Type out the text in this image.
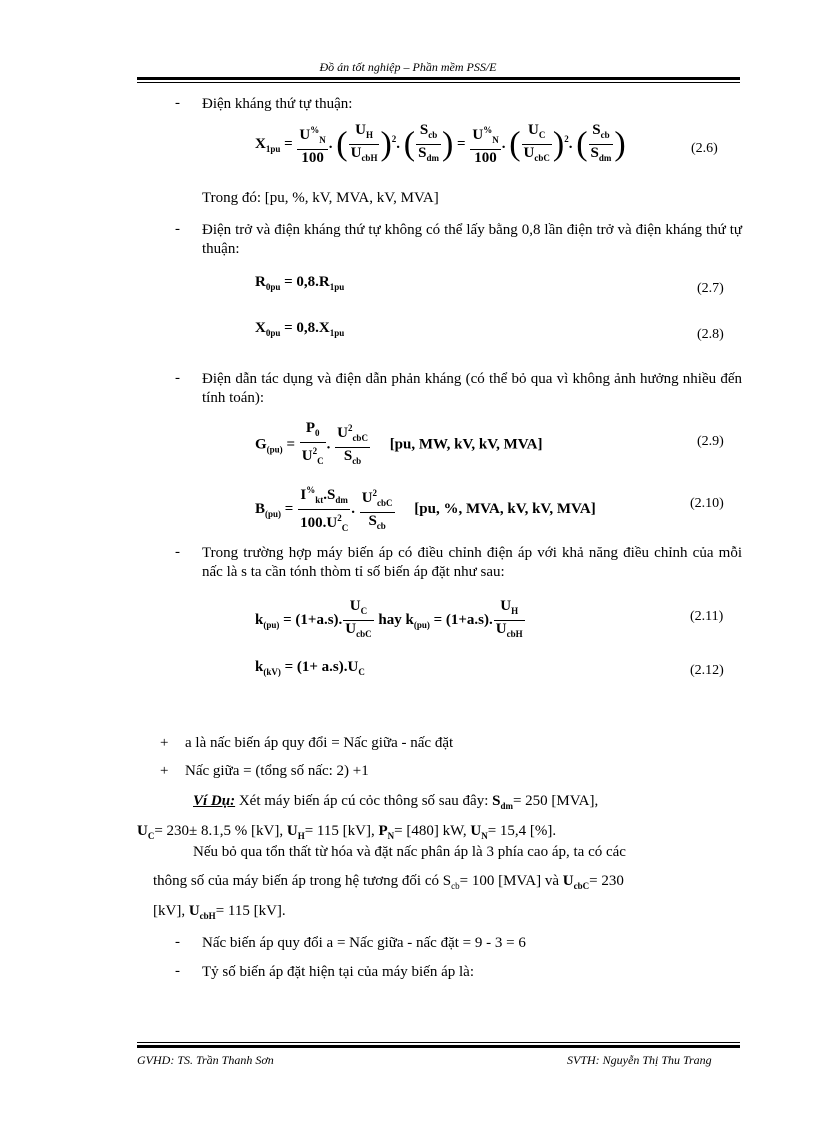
Đồ án tốt nghiệp – Phần mềm PSS/E
- Điện kháng thứ tự thuận:
$X_{1pu} = \frac{U^{\%}_N}{100}$ . ( $\frac{U_H}{U_{cbH}} )^2$. ( $\frac{S_{cb}}{S_{dm}}$ ) = $\frac{U^{\%}_N}{100}$ . ( $\frac{U_C}{U_{cbC}} )^2$. ( $\frac{S_{cb}}{S_{dm}}$ )	(2.6)
Trong đó: [pu, %, kV, MVA, kV, MVA]
- Điện trở và điện kháng thứ tự không có thể lấy bằng 0,8 lần điện trở và điện kháng thứ tự thuận:
$R_{0pu} = 0,8.R_{1pu}$	(2.7)
$X_{0pu} = 0,8.X_{1pu}$	(2.8)
- Điện dẫn tác dụng và điện dẫn phản kháng (có thể bỏ qua vì không ảnh hưởng nhiều đến tính toán):
$G_{(pu)} = \frac{P_0}{U^2_C}$ . $\frac{U^2_{cbC}}{S_{cb}} [pu$, MW, kV, kV, MVA]	(2.9)
$B_{(pu)} = \frac{I^{\%}_{kt}.S_{dm}}{100.U^2_C}$ . $\frac{U^2_{cbC}}{S_{cb}} [pu$, %, MVA, kV, kV, MVA]	(2.10)
- Trong trường hợp máy biến áp có điều chỉnh điện áp với khả năng điều chỉnh của mỗi nấc là s ta cần tónh thòm tỉ số biến áp đặt như sau:
$k_{(pu)} = (1+a.s)$. $\frac{U_C}{U_{cbC}}$ hay $k_{(pu)} = (1+a.s)$. $\frac{U_H}{U_{cbH}}$	(2.11)
$k_{(kV)} = (1+ a.s).U_C$	(2.12)
+ a là nấc biến áp quy đổi = Nấc giữa - nấc đặt
+ Nấc giữa = (tổng số nấc: 2) +1
Ví Dụ: Xét máy biến áp cú cỏc thông số sau đây: $S_{dm}= 250$ [MVA],
$U_C= 230\pm 8.1,5$ % [kV], $U_H= 115$ [kV], $P_N= [480]$ kW, $U_N= 15,4$ [%].
Nếu bỏ qua tổn thất từ hóa và đặt nấc phân áp là 3 phía cao áp, ta có các
thông số của máy biến áp trong hệ tương đối có $S_{cb}= 100$ [MVA] và $U_{cbC}= 230$
[kV], $U_{cbH}= 115$ [kV].
- Nấc biến áp quy đổi a = Nấc giữa - nấc đặt = 9 - 3 = 6
- Tỷ số biến áp đặt hiện tại của máy biến áp là:
GVHD: TS. Trần Thanh Sơn	SVTH: Nguyễn Thị Thu Trang
